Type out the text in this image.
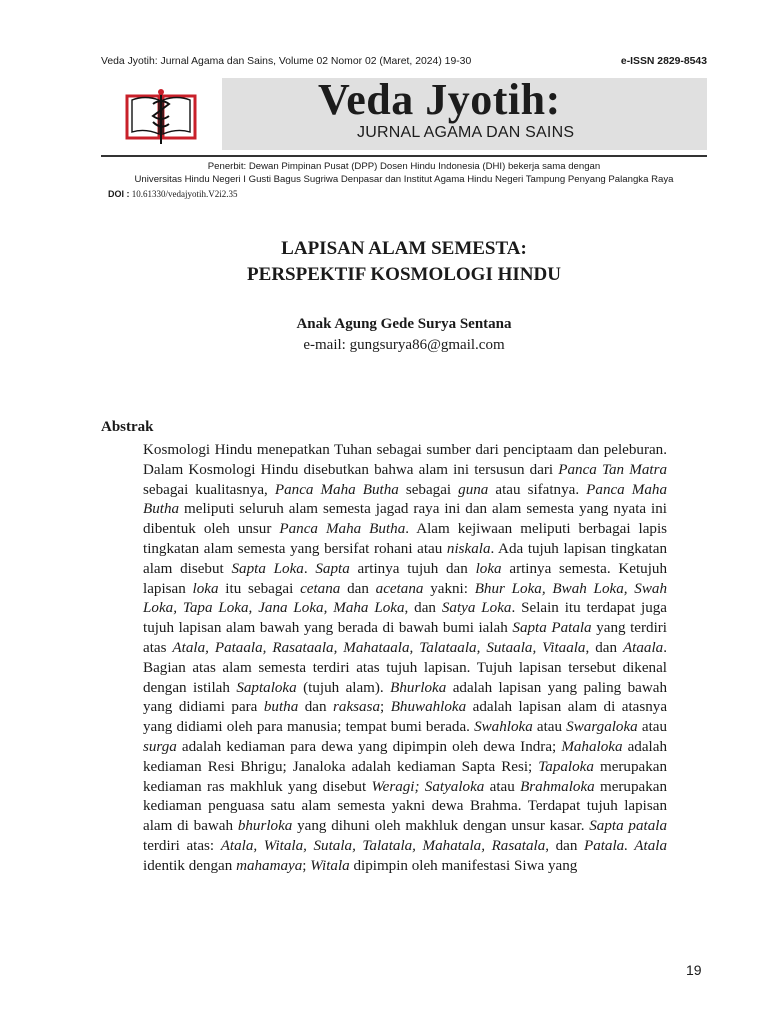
Veda Jyotih: Jurnal Agama dan Sains, Volume 02 Nomor 02 (Maret, 2024) 19-30	e-ISSN 2829-8543
Veda Jyotih:
JURNAL AGAMA DAN SAINS
Penerbit: Dewan Pimpinan Pusat (DPP) Dosen Hindu Indonesia (DHI) bekerja sama dengan
Universitas Hindu Negeri I Gusti Bagus Sugriwa Denpasar dan Institut Agama Hindu Negeri Tampung Penyang Palangka Raya
DOI : 10.61330/vedajyotih.V2i2.35
LAPISAN ALAM SEMESTA:
PERSPEKTIF KOSMOLOGI HINDU
Anak Agung Gede Surya Sentana
e-mail: gungsurya86@gmail.com
Abstrak

Kosmologi Hindu menepatkan Tuhan sebagai sumber dari penciptaam dan peleburan. Dalam Kosmologi Hindu disebutkan bahwa alam ini tersusun dari Panca Tan Matra sebagai kualitasnya, Panca Maha Butha sebagai guna atau sifatnya. Panca Maha Butha meliputi seluruh alam semesta jagad raya ini dan alam semesta yang nyata ini dibentuk oleh unsur Panca Maha Butha. Alam kejiwaan meliputi berbagai lapis tingkatan alam semesta yang bersifat rohani atau niskala. Ada tujuh lapisan tingkatan alam disebut Sapta Loka. Sapta artinya tujuh dan loka artinya semesta. Ketujuh lapisan loka itu sebagai cetana dan acetana yakni: Bhur Loka, Bwah Loka, Swah Loka, Tapa Loka, Jana Loka, Maha Loka, dan Satya Loka. Selain itu terdapat juga tujuh lapisan alam bawah yang berada di bawah bumi ialah Sapta Patala yang terdiri atas Atala, Pataala, Rasataala, Mahataala, Talataala, Sutaala, Vitaala, dan Ataala. Bagian atas alam semesta terdiri atas tujuh lapisan. Tujuh lapisan tersebut dikenal dengan istilah Saptaloka (tujuh alam). Bhurloka adalah lapisan yang paling bawah yang didiami para butha dan raksasa; Bhuwahloka adalah lapisan alam di atasnya yang didiami oleh para manusia; tempat bumi berada. Swahloka atau Swargaloka atau surga adalah kediaman para dewa yang dipimpin oleh dewa Indra; Mahaloka adalah kediaman Resi Bhrigu; Janaloka adalah kediaman Sapta Resi; Tapaloka merupakan kediaman ras makhluk yang disebut Weragi; Satyaloka atau Brahmaloka merupakan kediaman penguasa satu alam semesta yakni dewa Brahma. Terdapat tujuh lapisan alam di bawah bhurloka yang dihuni oleh makhluk dengan unsur kasar. Sapta patala terdiri atas: Atala, Witala, Sutala, Talatala, Mahatala, Rasatala, dan Patala. Atala identik dengan mahamaya; Witala dipimpin oleh manifestasi Siwa yang

19
